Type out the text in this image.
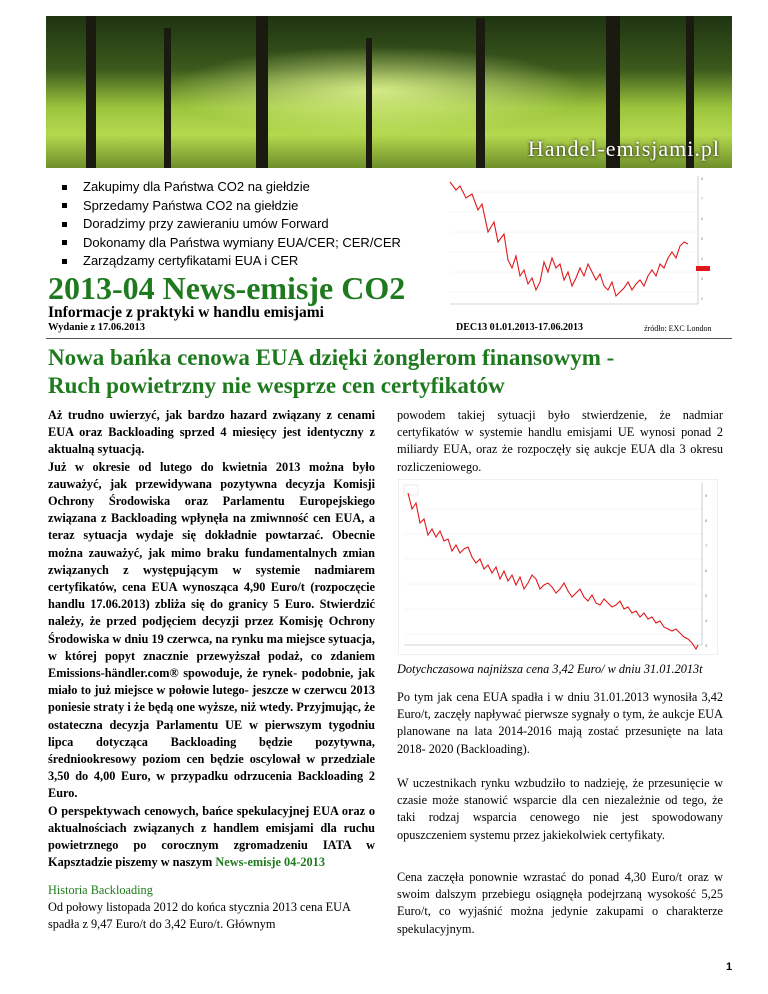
Handel-emisjami.pl
Zakupimy dla Państwa CO2 na giełdzie
Sprzedamy Państwa CO2 na giełdzie
Doradzimy przy zawieraniu umów Forward
Dokonamy dla Państwa wymiany EUA/CER; CER/CER
Zarządzamy certyfikatami EUA i CER
8
7
6
5
4
3
2
2013-04 News-emisje CO2
Informacje z praktyki w handlu emisjami
Wydanie z 17.06.2013	DEC13 01.01.2013-17.06.2013	źródło: EXC London
Nowa bańka cenowa EUA dzięki żonglerom finansowym -
Ruch powietrzny nie wesprze cen certyfikatów

Aż trudno uwierzyć, jak bardzo hazard związany z cenami EUA oraz Backloading sprzed 4 miesięcy jest identyczny z aktualną sytuacją.

Już w okresie od lutego do kwietnia 2013 można było zauważyć, jak przewidywana pozytywna decyzja Komisji Ochrony Środowiska oraz Parlamentu Europejskiego związana z Backloading wpłynęła na zmiwnność cen EUA, a teraz sytuacja wydaje się dokładnie powtarzać. Obecnie można zauważyć, jak mimo braku fundamentalnych zmian związanych z występującym w systemie nadmiarem certyfikatów, cena EUA wynosząca 4,90 Euro/t (rozpoczęcie handlu 17.06.2013) zbliża się do granicy 5 Euro. Stwierdzić należy, że przed podjęciem decyzji przez Komisję Ochrony Środowiska w dniu 19 czerwca, na rynku ma miejsce sytuacja, w której popyt znacznie przewyższał podaż, co zdaniem Emissions-händler.com® spowoduje, że rynek- podobnie, jak miało to już miejsce w połowie lutego- jeszcze w czerwcu 2013 poniesie straty i że będą one wyższe, niż wtedy. Przyjmując, że ostateczna decyzja Parlamentu UE w pierwszym tygodniu lipca dotycząca Backloading będzie pozytywna, średniookresowy poziom cen będzie oscylował w przedziale 3,50 do 4,00 Euro, w przypadku odrzucenia Backloading 2 Euro.

O perspektywach cenowych, bańce spekulacyjnej EUA oraz o aktualnościach związanych z handlem emisjami dla ruchu powietrznego po corocznym zgromadzeniu IATA w Kapsztadzie piszemy w naszym News-emisje 04-2013

Historia Backloading
Od połowy listopada 2012 do końca stycznia 2013 cena EUA spadła z 9,47 Euro/t do 3,42 Euro/t. Głównym
powodem takiej sytuacji było stwierdzenie, że nadmiar certyfikatów w systemie handlu emisjami UE wynosi ponad 2 miliardy EUA, oraz że rozpoczęły się aukcje EUA dla 3 okresu rozliczeniowego.
9
8
7
6
5
4
3
Dotychczasowa najniższa cena 3,42 Euro/ w dniu 31.01.2013t
Po tym jak cena EUA spadła i w dniu 31.01.2013 wynosiła 3,42 Euro/t, zaczęły napływać pierwsze sygnały o tym, że aukcje EUA planowane na lata 2014-2016 mają zostać przesunięte na lata 2018- 2020 (Backloading).
W uczestnikach rynku wzbudziło to nadzieję, że przesunięcie w czasie może stanowić wsparcie dla cen niezależnie od tego, że taki rodzaj wsparcia cenowego nie jest spowodowany opuszczeniem systemu przez jakiekolwiek certyfikaty.
Cena zaczęła ponownie wzrastać do ponad 4,30 Euro/t oraz w swoim dalszym przebiegu osiągnęła podejrzaną wysokość 5,25 Euro/t, co wyjaśnić można jedynie zakupami o charakterze spekulacyjnym.
1
